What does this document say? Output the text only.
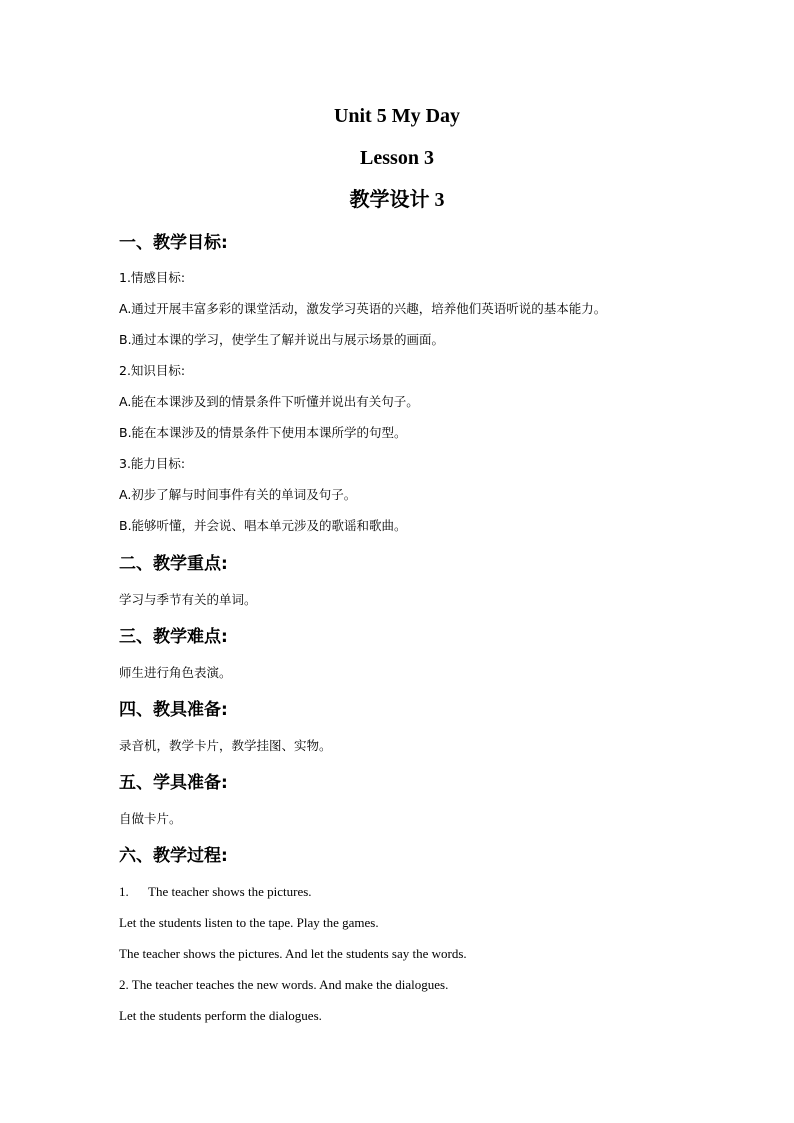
Unit 5 My Day
Lesson 3
教学设计 3
一、教学目标:
1.情感目标:
A.通过开展丰富多彩的课堂活动，激发学习英语的兴趣，培养他们英语听说的基本能力。
B.通过本课的学习，使学生了解并说出与展示场景的画面。
2.知识目标:
A.能在本课涉及到的情景条件下听懂并说出有关句子。
B.能在本课涉及的情景条件下使用本课所学的句型。
3.能力目标:
A.初步了解与时间事件有关的单词及句子。
B.能够听懂，并会说、唱本单元涉及的歌谣和歌曲。
二、教学重点:
学习与季节有关的单词。
三、教学难点:
师生进行角色表演。
四、教具准备:
录音机，教学卡片，教学挂图、实物。
五、学具准备:
自做卡片。
六、教学过程:
1. The teacher shows the pictures.
Let the students listen to the tape. Play the games.
The teacher shows the pictures. And let the students say the words.
2. The teacher teaches the new words. And make the dialogues.
Let the students perform the dialogues.
